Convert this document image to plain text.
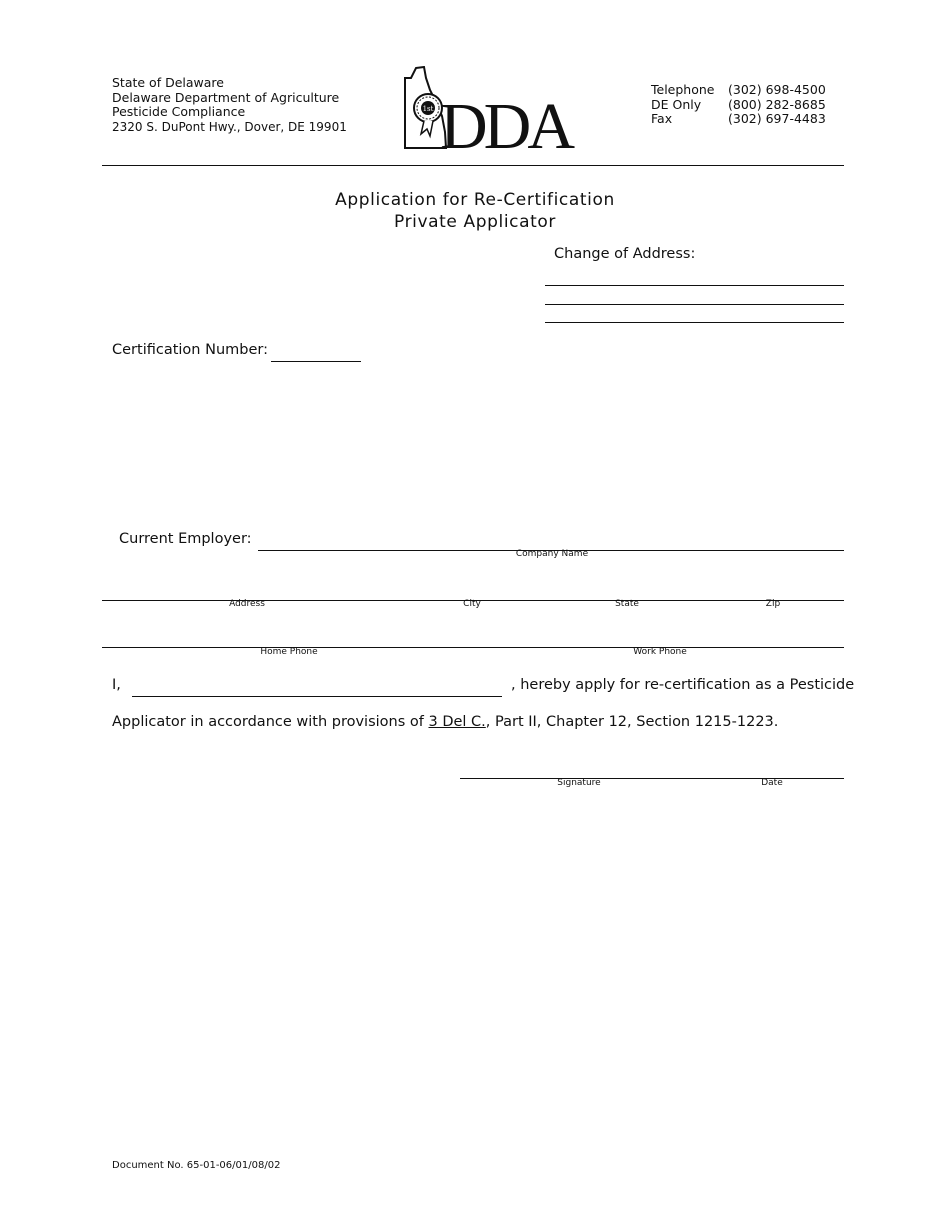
State of Delaware
Delaware Department of Agriculture
Pesticide Compliance
2320 S. DuPont Hwy., Dover, DE 19901
1st DDA
Telephone	(302) 698-4500
DE Only	(800) 282-8685
Fax	(302) 697-4483
Application for Re-Certification
Private Applicator
Change of Address:
Certification Number:
Current Employer:
Company Name
Address	City	State	Zip
Home Phone	Work Phone
I,	, hereby apply for re-certification as a Pesticide
Applicator in accordance with provisions of 3 Del C., Part II, Chapter 12, Section 1215-1223.
Signature	Date
Document No. 65-01-06/01/08/02
